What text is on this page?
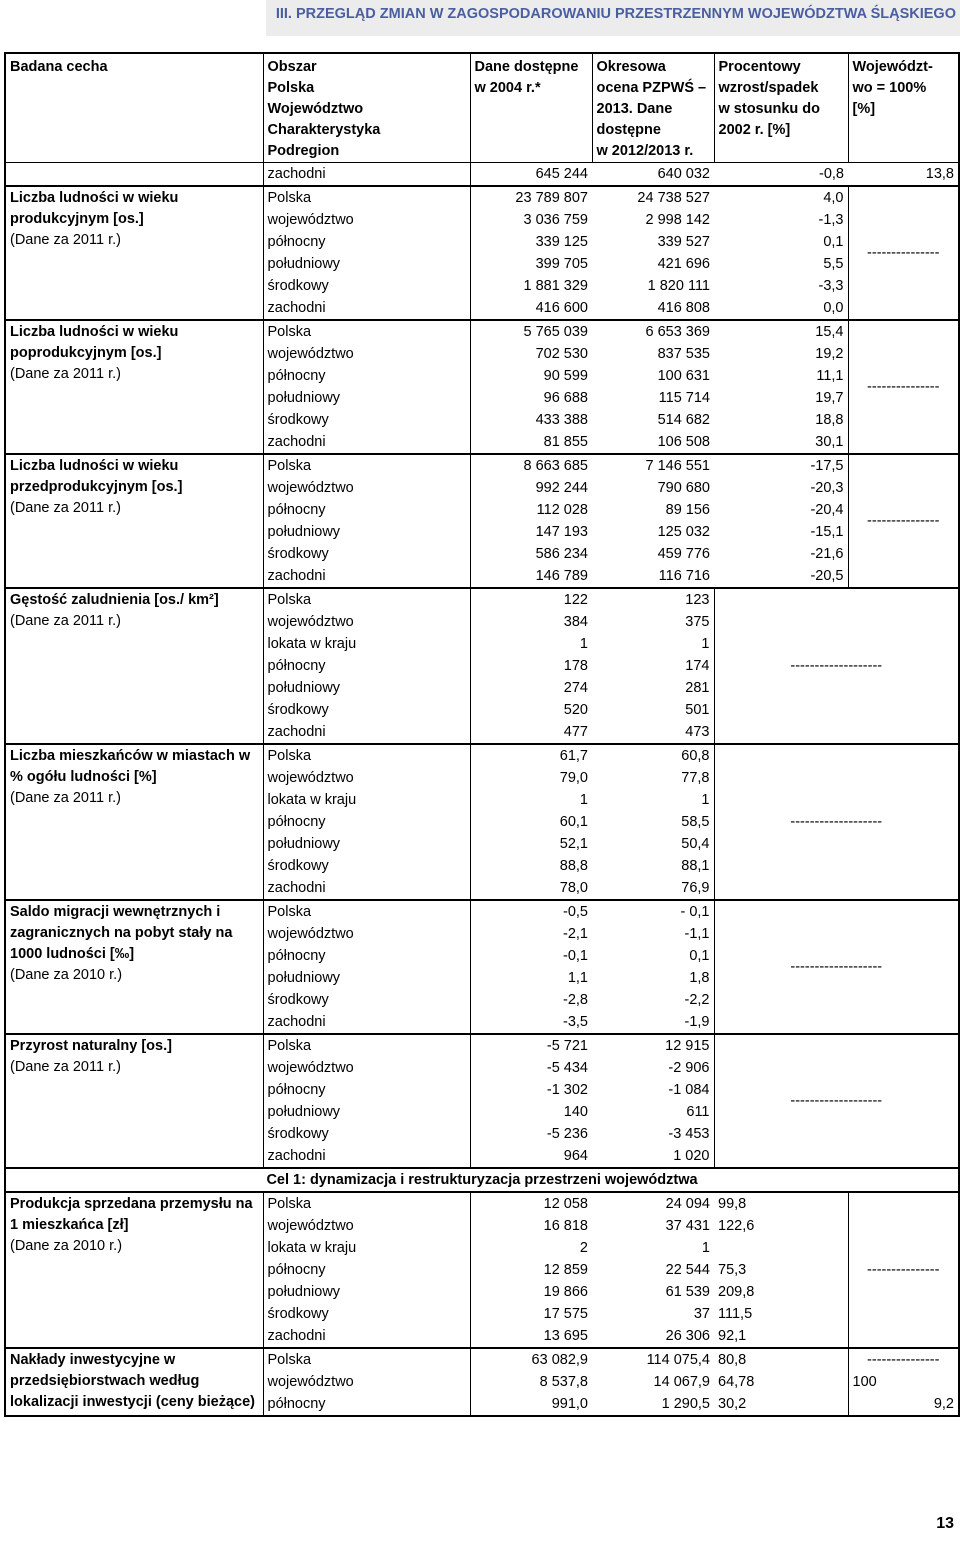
III. PRZEGLĄD ZMIAN W ZAGOSPODAROWANIU PRZESTRZENNYM WOJEWÓDZTWA ŚLĄSKIEGO
Badana cecha	Obszar
Polska
Województwo
Charakterystyka
Podregion	Dane dostępne
w 2004 r.*	Okresowa
ocena PZPWŚ –
2013. Dane
dostępne
w 2012/2013 r.	Procentowy
wzrost/spadek
w stosunku do
2002 r. [%]	Województ-
wo = 100%
[%]
	zachodni	645 244	640 032	-0,8	13,8

Liczba ludności w wieku produkcyjnym [os.]
(Dane za 2011 r.)	Polska	23 789 807	24 738 527	4,0	---------------
	województwo	3 036 759	2 998 142	-1,3	
	północny	339 125	339 527	0,1	
	południowy	399 705	421 696	5,5	
	środkowy	1 881 329	1 820 111	-3,3	
	zachodni	416 600	416 808	0,0	

Liczba ludności w wieku poprodukcyjnym [os.]
(Dane za 2011 r.)	Polska	5 765 039	6 653 369	15,4	---------------
	województwo	702 530	837 535	19,2	
	północny	90 599	100 631	11,1	
	południowy	96 688	115 714	19,7	
	środkowy	433 388	514 682	18,8	
	zachodni	81 855	106 508	30,1	

Liczba ludności w wieku przedprodukcyjnym [os.]
(Dane za 2011 r.)	Polska	8 663 685	7 146 551	-17,5	---------------
	województwo	992 244	790 680	-20,3	
	północny	112 028	89 156	-20,4	
	południowy	147 193	125 032	-15,1	
	środkowy	586 234	459 776	-21,6	
	zachodni	146 789	116 716	-20,5	

Gęstość zaludnienia [os./ km²]
(Dane za 2011 r.)	Polska	122	123	-------------------	
	województwo	384	375		
	lokata w kraju	1	1		
	północny	178	174		
	południowy	274	281		
	środkowy	520	501		
	zachodni	477	473		

Liczba mieszkańców w miastach w % ogółu ludności [%]
(Dane za 2011 r.)	Polska	61,7	60,8	-------------------	
	województwo	79,0	77,8		
	lokata w kraju	1	1		
	północny	60,1	58,5		
	południowy	52,1	50,4		
	środkowy	88,8	88,1		
	zachodni	78,0	76,9		

Saldo migracji wewnętrznych i zagranicznych na pobyt stały na 1000 ludności [‰]
(Dane za 2010 r.)	Polska	-0,5	- 0,1	-------------------	
	województwo	-2,1	-1,1		
	północny	-0,1	0,1		
	południowy	1,1	1,8		
	środkowy	-2,8	-2,2		
	zachodni	-3,5	-1,9		

Przyrost naturalny [os.]
(Dane za 2011 r.)	Polska	-5 721	12 915	-------------------	
	województwo	-5 434	-2 906		
	północny	-1 302	-1 084		
	południowy	140	611		
	środkowy	-5 236	-3 453		
	zachodni	964	1 020		
Cel 1: dynamizacja i restrukturyzacja przestrzeni województwa					

Produkcja sprzedana przemysłu na 1 mieszkańca [zł]
(Dane za 2010 r.)	Polska	12 058	24 094	99,8	---------------
	województwo	16 818	37 431	122,6	
	lokata w kraju	2	1		
	północny	12 859	22 544	75,3	
	południowy	19 866	61 539	209,8	
	środkowy	17 575	37	111,5	
	zachodni	13 695	26 306	92,1	

Nakłady inwestycyjne w przedsiębiorstwach według lokalizacji inwestycji (ceny bieżące)	Polska	63 082,9	114 075,4	80,8	---------------
	województwo	8 537,8	14 067,9	64,78	100
	północny	991,0	1 290,5	30,2	9,2
13
